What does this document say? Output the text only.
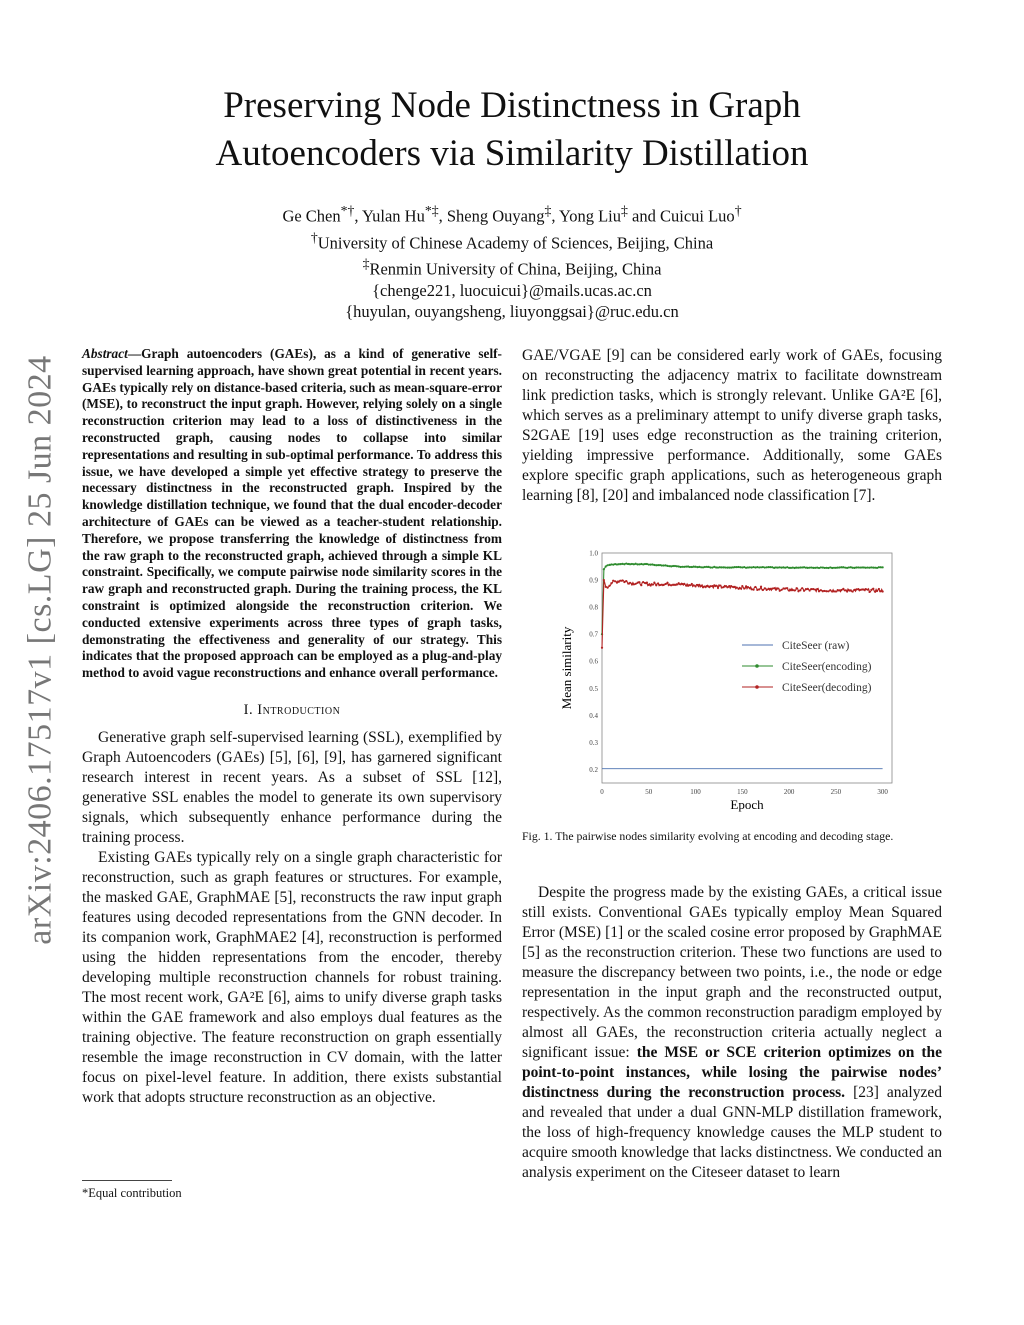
arXiv:2406.17517v1 [cs.LG] 25 Jun 2024
Preserving Node Distinctness in Graph Autoencoders via Similarity Distillation
Ge Chen*†, Yulan Hu*‡, Sheng Ouyang‡, Yong Liu‡ and Cuicui Luo†
†University of Chinese Academy of Sciences, Beijing, China
‡Renmin University of China, Beijing, China
{chenge221, luocuicui}@mails.ucas.ac.cn
{huyulan, ouyangsheng, liuyonggsai}@ruc.edu.cn
Abstract—Graph autoencoders (GAEs), as a kind of generative self-supervised learning approach, have shown great potential in recent years. GAEs typically rely on distance-based criteria, such as mean-square-error (MSE), to reconstruct the input graph. However, relying solely on a single reconstruction criterion may lead to a loss of distinctiveness in the reconstructed graph, causing nodes to collapse into similar representations and resulting in sub-optimal performance. To address this issue, we have developed a simple yet effective strategy to preserve the necessary distinctness in the reconstructed graph. Inspired by the knowledge distillation technique, we found that the dual encoder-decoder architecture of GAEs can be viewed as a teacher-student relationship. Therefore, we propose transferring the knowledge of distinctness from the raw graph to the reconstructed graph, achieved through a simple KL constraint. Specifically, we compute pairwise node similarity scores in the raw graph and reconstructed graph. During the training process, the KL constraint is optimized alongside the reconstruction criterion. We conducted extensive experiments across three types of graph tasks, demonstrating the effectiveness and generality of our strategy. This indicates that the proposed approach can be employed as a plug-and-play method to avoid vague reconstructions and enhance overall performance.
I. Introduction

Generative graph self-supervised learning (SSL), exemplified by Graph Autoencoders (GAEs) [5], [6], [9], has garnered significant research interest in recent years. As a subset of SSL [12], generative SSL enables the model to generate its own supervisory signals, which subsequently enhance performance during the training process.

Existing GAEs typically rely on a single graph characteristic for reconstruction, such as graph features or structures. For example, the masked GAE, GraphMAE [5], reconstructs the raw input graph features using decoded representations from the GNN decoder. In its companion work, GraphMAE2 [4], reconstruction is performed using the hidden representations from the encoder, thereby developing multiple reconstruction channels for robust training. The most recent work, GA²E [6], aims to unify diverse graph tasks within the GAE framework and also employs dual features as the training objective. The feature reconstruction on graph essentially resemble the image reconstruction in CV domain, with the latter focus on pixel-level feature. In addition, there exists substantial work that adopts structure reconstruction as an objective.

*Equal contribution

GAE/VGAE [9] can be considered early work of GAEs, focusing on reconstructing the adjacency matrix to facilitate downstream link prediction tasks, which is strongly relevant. Unlike GA²E [6], which serves as a preliminary attempt to unify diverse graph tasks, S2GAE [19] uses edge reconstruction as the training criterion, yielding impressive performance. Additionally, some GAEs explore specific graph applications, such as heterogeneous graph learning [8], [20] and imbalanced node classification [7].

0	50	100	150	200	250	300
0.2
0.3
0.4
0.5
0.6
0.7
0.8
0.9
1.0
CiteSeer (raw)
CiteSeer(encoding)
CiteSeer(decoding)
Epoch
Mean similarity
Fig. 1. The pairwise nodes similarity evolving at encoding and decoding stage.

Despite the progress made by the existing GAEs, a critical issue still exists. Conventional GAEs typically employ Mean Squared Error (MSE) [1] or the scaled cosine error proposed by GraphMAE [5] as the reconstruction criterion. These two functions are used to measure the discrepancy between two points, i.e., the node or edge representation in the input graph and the reconstructed output, respectively. As the common reconstruction paradigm employed by almost all GAEs, the reconstruction criteria actually neglect a significant issue: the MSE or SCE criterion optimizes on the point-to-point instances, while losing the pairwise nodes’ distinctness during the reconstruction process. [23] analyzed and revealed that under a dual GNN-MLP distillation framework, the loss of high-frequency knowledge causes the MLP student to acquire smooth knowledge that lacks distinctness. We conducted an analysis experiment on the Citeseer dataset to learn
